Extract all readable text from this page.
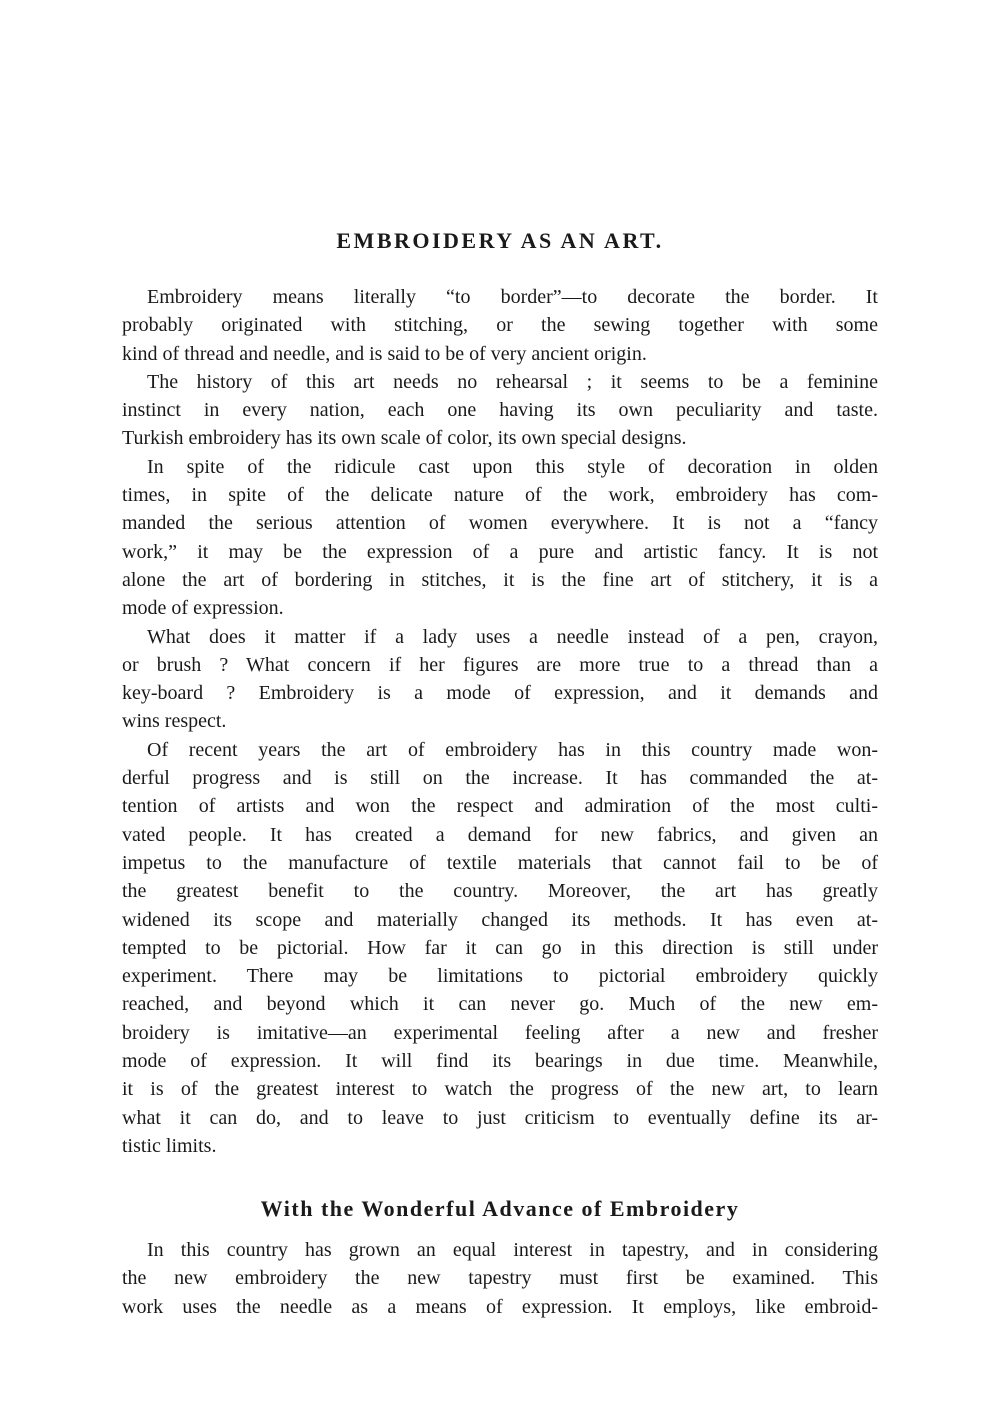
EMBROIDERY AS AN ART.
Embroidery means literally “to border”—to decorate the border. It
probably originated with stitching, or the sewing together with some
kind of thread and needle, and is said to be of very ancient origin.
The history of this art needs no rehearsal ; it seems to be a feminine
instinct in every nation, each one having its own peculiarity and taste.
Turkish embroidery has its own scale of color, its own special designs.
In spite of the ridicule cast upon this style of decoration in olden
times, in spite of the delicate nature of the work, embroidery has com-
manded the serious attention of women everywhere. It is not a “fancy
work,” it may be the expression of a pure and artistic fancy. It is not
alone the art of bordering in stitches, it is the fine art of stitchery, it is a
mode of expression.
What does it matter if a lady uses a needle instead of a pen, crayon,
or brush ? What concern if her figures are more true to a thread than a
key-board ? Embroidery is a mode of expression, and it demands and
wins respect.
Of recent years the art of embroidery has in this country made won-
derful progress and is still on the increase. It has commanded the at-
tention of artists and won the respect and admiration of the most culti-
vated people. It has created a demand for new fabrics, and given an
impetus to the manufacture of textile materials that cannot fail to be of
the greatest benefit to the country. Moreover, the art has greatly
widened its scope and materially changed its methods. It has even at-
tempted to be pictorial. How far it can go in this direction is still under
experiment. There may be limitations to pictorial embroidery quickly
reached, and beyond which it can never go. Much of the new em-
broidery is imitative—an experimental feeling after a new and fresher
mode of expression. It will find its bearings in due time. Meanwhile,
it is of the greatest interest to watch the progress of the new art, to learn
what it can do, and to leave to just criticism to eventually define its ar-
tistic limits.
With the Wonderful Advance of Embroidery
In this country has grown an equal interest in tapestry, and in considering
the new embroidery the new tapestry must first be examined. This
work uses the needle as a means of expression. It employs, like embroid-
